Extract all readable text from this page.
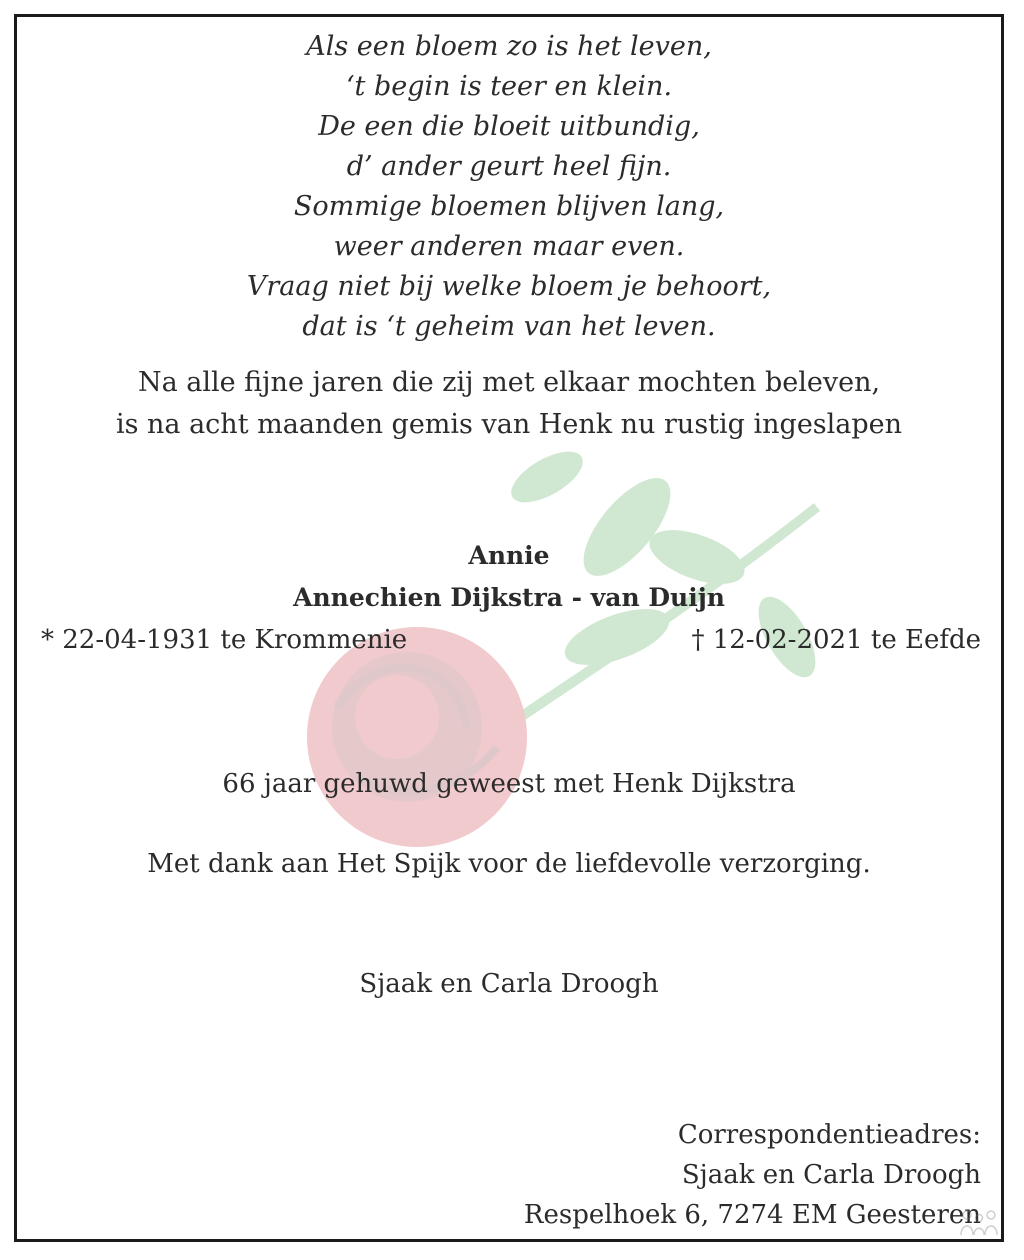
Als een bloem zo is het leven,
‘t begin is teer en klein.
De een die bloeit uitbundig,
d’ ander geurt heel fijn.
Sommige bloemen blijven lang,
weer anderen maar even.
Vraag niet bij welke bloem je behoort,
dat is ‘t geheim van het leven.
Na alle fijne jaren die zij met elkaar mochten beleven,
is na acht maanden gemis van Henk nu rustig ingeslapen
Annie
Annechien Dijkstra - van Duijn
* 22-04-1931 te Krommenie	† 12-02-2021 te Eefde
66 jaar gehuwd geweest met Henk Dijkstra
Met dank aan Het Spijk voor de liefdevolle verzorging.
Sjaak en Carla Droogh
Correspondentieadres:
Sjaak en Carla Droogh
Respelhoek 6, 7274 EM Geesteren
